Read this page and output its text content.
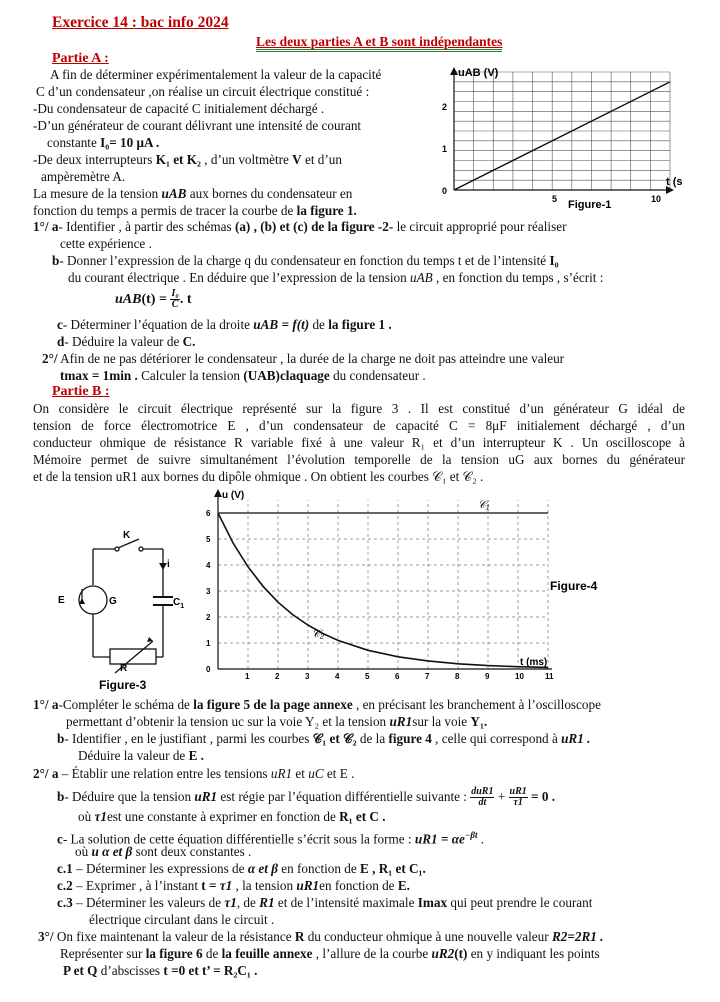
Exercice 14 : bac info 2024
Les deux parties A et B sont indépendantes
Partie A :
A fin de déterminer expérimentalement la valeur de la capacité
C d’un condensateur ,on réalise un circuit électrique constitué :
-Du condensateur de capacité C initialement déchargé .
-D’un générateur de courant délivrant une intensité de courant
constante I₀= 10 μA .
-De deux interrupteurs K₁ et K₂ , d’un voltmètre V et d’un
ampèremètre A.
La mesure de la tension uAB aux bornes du condensateur en
fonction du temps a permis de tracer la courbe de la figure 1.
uAB (V)
t (s
0
1
2
5	10
Figure-1
1°/ a- Identifier , à partir des schémas (a) , (b) et (c) de la figure -2- le circuit approprié pour réaliser
cette expérience .
b- Donner l’expression de la charge q du condensateur en fonction du temps t et de l’intensité I₀
du courant électrique . En déduire que l’expression de la tension uAB , en fonction du temps , s’écrit :
$uAB(t) = \frac{\text{I₀}}{C}$ . t
c- Déterminer l’équation de la droite uAB = f(t) de la figure 1 .
d- Déduire la valeur de C.
2°/ Afin de ne pas détériorer le condensateur , la durée de la charge ne doit pas atteindre une valeur
tmax = 1min . Calculer la tension (UAB)claquage du condensateur .
Partie B :
On considère le circuit électrique représenté sur la figure 3 . Il est constitué d’un générateur G idéal de
tension de force électromotrice E , d’un condensateur de capacité C = 8μF initialement déchargé , d’un
conducteur ohmique de résistance R variable fixé à une valeur R₁ et d’un interrupteur K . Un oscilloscope à
Mémoire permet de suivre simultanément l’évolution temporelle de la tension uG aux bornes du générateur
et de la tension uR1 aux bornes du dipôle ohmique . On obtient les courbes 𝒞₁ et 𝒞₂ .
K
i
E	G	$C_1$
R
Figure-3
0
1
2
3
4
5
6
1	2	3	4	5	6	7	8	9	10	11
u (V)
t (ms)
Figure-4
𝒞₁
𝒞₂
1°/ a-Compléter le schéma de la figure 5 de la page annexe , en précisant les branchement à l’oscilloscope
permettant d’obtenir la tension uc sur la voie Y₂ et la tension uR1sur la voie Y₁.
b- Identifier , en le justifiant , parmi les courbes 𝒞₁ et 𝒞₂ de la figure 4 , celle qui correspond à uR1 .
Déduire la valeur de E .
2°/ a – Établir une relation entre les tensions uR1 et uC et E .
b- Déduire que la tension uR1 est régie par l’équation différentielle suivante : $\frac{\text{duR1}}{dt} + \frac{uR1}{\tau 1} = 0$ .
où τ1est une constante à exprimer en fonction de R₁ et C .
c- La solution de cette équation différentielle s’écrit sous la forme : $uR1 = \alpha e^{-\beta t}$ .
où u α et β sont deux constantes .
c.1 – Déterminer les expressions de α et β en fonction de E , R₁ et C₁.
c.2 – Exprimer , à l’instant t = τ1 , la tension uR1en fonction de E.
c.3 – Déterminer les valeurs de τ1, de R1 et de l’intensité maximale Imax qui peut prendre le courant
électrique circulant dans le circuit .
3°/ On fixe maintenant la valeur de la résistance R du conducteur ohmique à une nouvelle valeur R2=2R1 .
Représenter sur la figure 6 de la feuille annexe , l’allure de la courbe uR2(t) en y indiquant les points
P et Q d’abscisses t =0 et t’ = R₂C₁ .
